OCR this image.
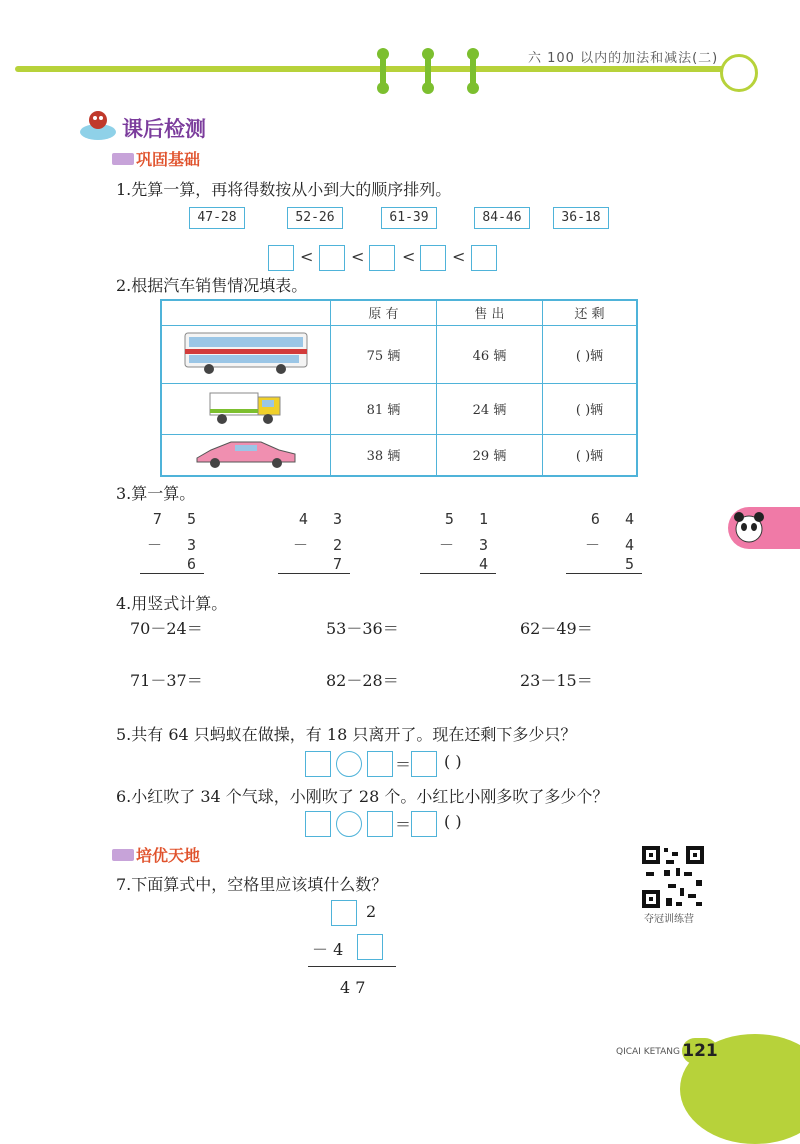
六 100 以内的加法和减法(二)
课后检测
巩固基础
1.先算一算，再将得数按从小到大的顺序排列。
47-28	52-26	61-39	84-46	36-18
< < < <
2.根据汽车销售情况填表。
	原 有	售 出	还 剩
	75 辆	46 辆	( )辆
	81 辆	24 辆	( )辆
	38 辆	29 辆	( )辆
3.算一算。
7 5
－ 3 6
4 3
－ 2 7
5 1
－ 3 4
6 4
－ 4 5
4.用竖式计算。
70－24＝	53－36＝	62－49＝
71－37＝	82－28＝	23－15＝
5.共有 64 只蚂蚁在做操，有 18 只离开了。现在还剩下多少只？
＝ ( )
6.小红吹了 34 个气球，小刚吹了 28 个。小红比小刚多吹了多少个？
＝ ( )
培优天地
7.下面算式中，空格里应该填什么数？
2
－ 4
4 7
夺冠训练营
QICAI KETANG 121
